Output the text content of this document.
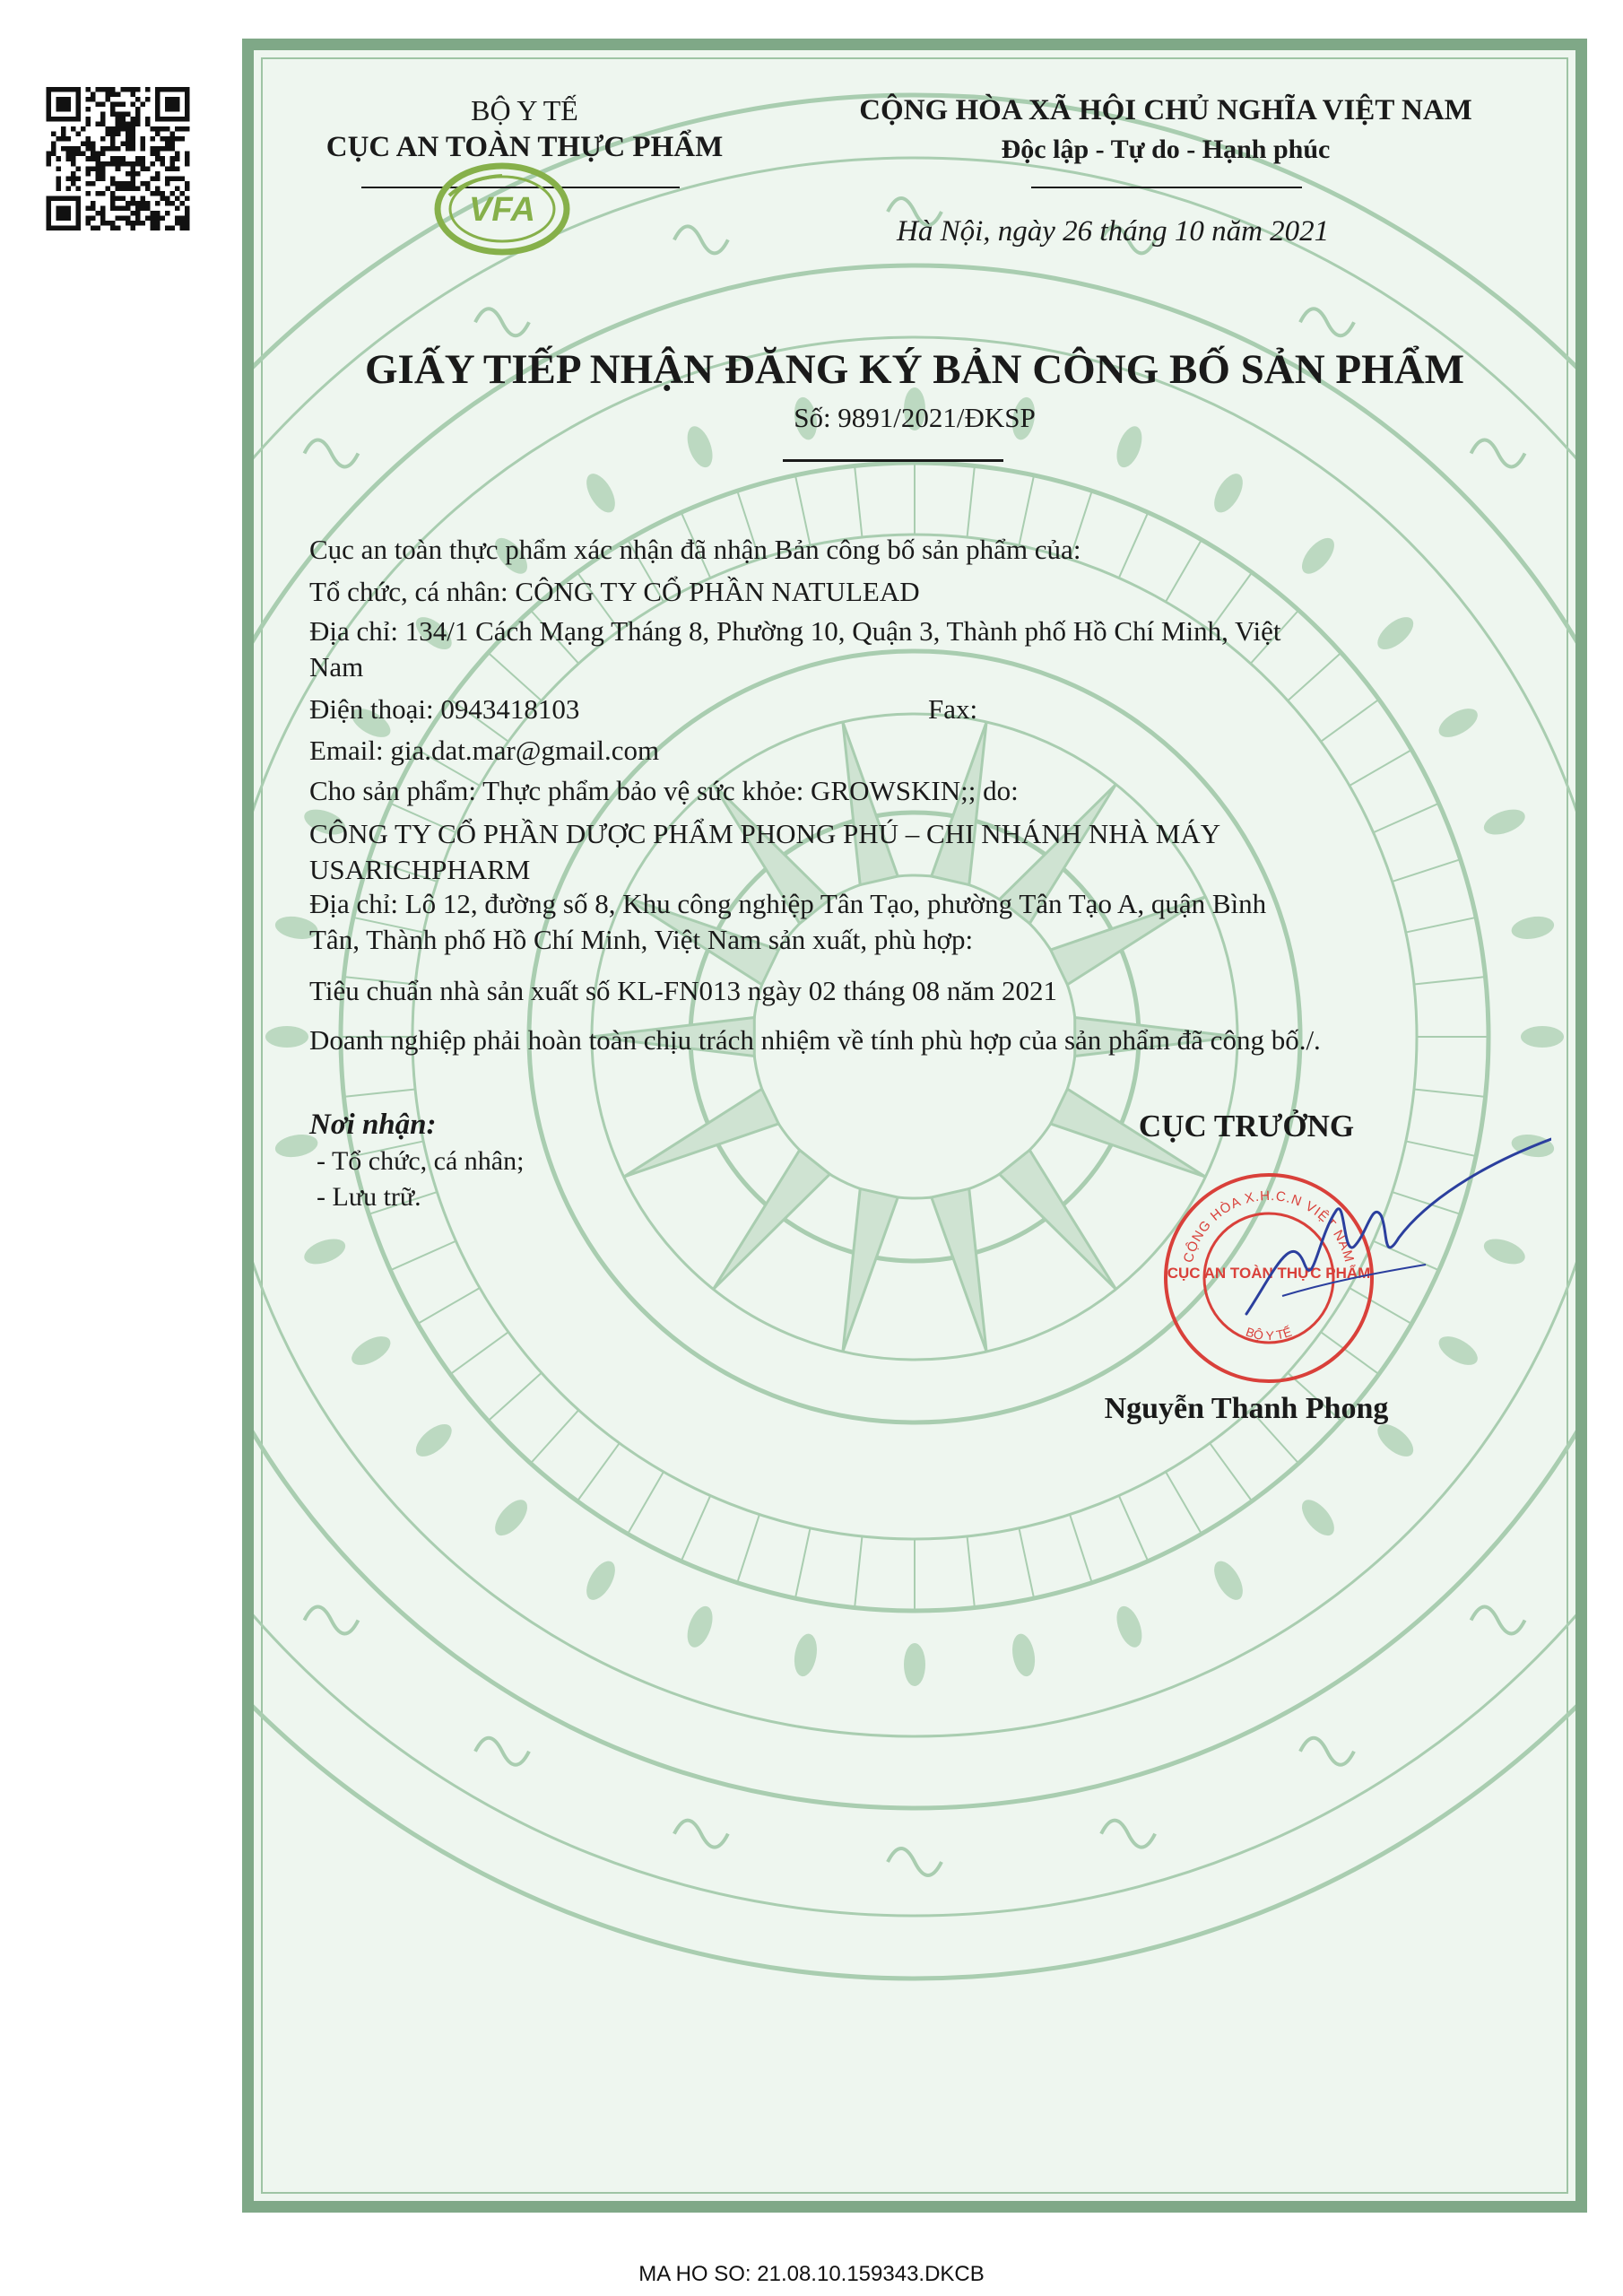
BỘ Y TẾ
CỤC AN TOÀN THỰC PHẨM
VFA
CỘNG HÒA XÃ HỘI CHỦ NGHĨA VIỆT NAM
Độc lập - Tự do - Hạnh phúc
Hà Nội, ngày 26 tháng 10 năm 2021
GIẤY TIẾP NHẬN ĐĂNG KÝ BẢN CÔNG BỐ SẢN PHẨM
Số: 9891/2021/ĐKSP
Cục an toàn thực phẩm xác nhận đã nhận Bản công bố sản phẩm của:
Tổ chức, cá nhân: CÔNG TY CỔ PHẦN NATULEAD
Địa chỉ: 134/1 Cách Mạng Tháng 8, Phường 10, Quận 3, Thành phố Hồ Chí Minh, Việt
Nam
Điện thoại: 0943418103	Fax:
Email: gia.dat.mar@gmail.com
Cho sản phẩm: Thực phẩm bảo vệ sức khỏe: GROWSKIN;; do:
CÔNG TY CỔ PHẦN DƯỢC PHẨM PHONG PHÚ – CHI NHÁNH NHÀ MÁY
USARICHPHARM
Địa chỉ: Lô 12, đường số 8, Khu công nghiệp Tân Tạo, phường Tân Tạo A, quận Bình
Tân, Thành phố Hồ Chí Minh, Việt Nam sản xuất, phù hợp:
Tiêu chuẩn nhà sản xuất số KL-FN013 ngày 02 tháng 08 năm 2021
Doanh nghiệp phải hoàn toàn chịu trách nhiệm về tính phù hợp của sản phẩm đã công bố./.
Nơi nhận:
- Tổ chức, cá nhân;
- Lưu trữ.
CỤC TRƯỞNG
CỘNG HÒA X.H.C.N VIỆT NAM
CỤC AN TOÀN THỰC PHẨM
BỘ Y TẾ
Nguyễn Thanh Phong
MA HO SO: 21.08.10.159343.DKCB
